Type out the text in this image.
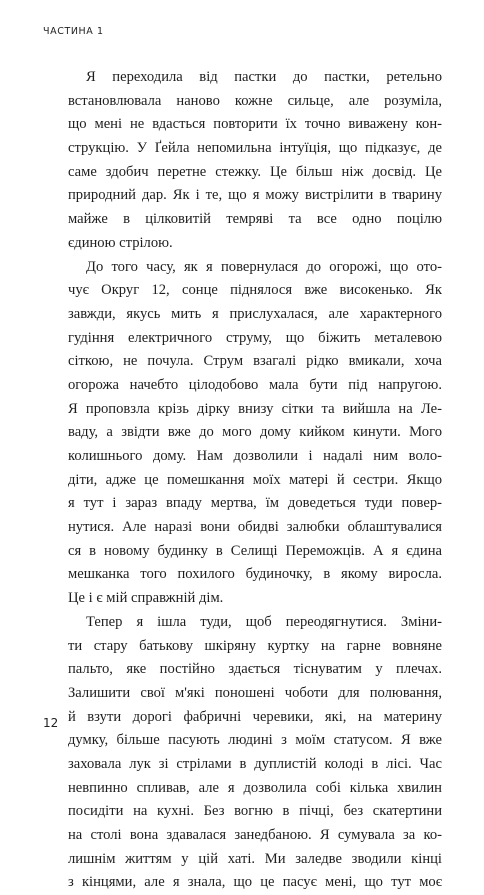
ЧАСТИНА 1
Я переходила від пастки до пастки, ретельно
встановлювала наново кожне сильце, але розуміла,
що мені не вдасться повторити їх точно виважену кон-
струкцію. У Ґейла непомильна інтуїція, що підказує, де
саме здобич перетне стежку. Це більш ніж досвід. Це
природний дар. Як і те, що я можу вистрілити в тварину
майже в цілковитій темряві та все одно поцілю
єдиною стрілою.
До того часу, як я повернулася до огорожі, що ото-
чує Округ 12, сонце піднялося вже високенько. Як
завжди, якусь мить я прислухалася, але характерного
гудіння електричного струму, що біжить металевою
сіткою, не почула. Струм взагалі рідко вмикали, хоча
огорожа начебто цілодобово мала бути під напругою.
Я проповзла крізь дірку внизу сітки та вийшла на Ле-
ваду, а звідти вже до мого дому кийком кинути. Мого
колишнього дому. Нам дозволили і надалі ним воло-
діти, адже це помешкання моїх матері й сестри. Якщо
я тут і зараз впаду мертва, їм доведеться туди повер-
нутися. Але наразі вони обидві залюбки облаштувалися
ся в новому будинку в Селищі Переможців. А я єдина
мешканка того похилого будиночку, в якому виросла.
Це і є мій справжній дім.
Тепер я ішла туди, щоб переодягнутися. Зміни-
ти стару батькову шкіряну куртку на гарне вовняне
пальто, яке постійно здається тіснуватим у плечах.
Залишити свої м'які поношені чоботи для полювання,
й взути дорогі фабричні черевики, які, на материну
думку, більше пасують людині з моїм статусом. Я вже
заховала лук зі стрілами в дуплистій колоді в лісі. Час
невпинно спливав, але я дозволила собі кілька хвилин
посидіти на кухні. Без вогню в пічці, без скатертини
на столі вона здавалася занедбаною. Я сумувала за ко-
лишнім життям у цій хаті. Ми заледве зводили кінці
з кінцями, але я знала, що це пасує мені, що тут моє
12
